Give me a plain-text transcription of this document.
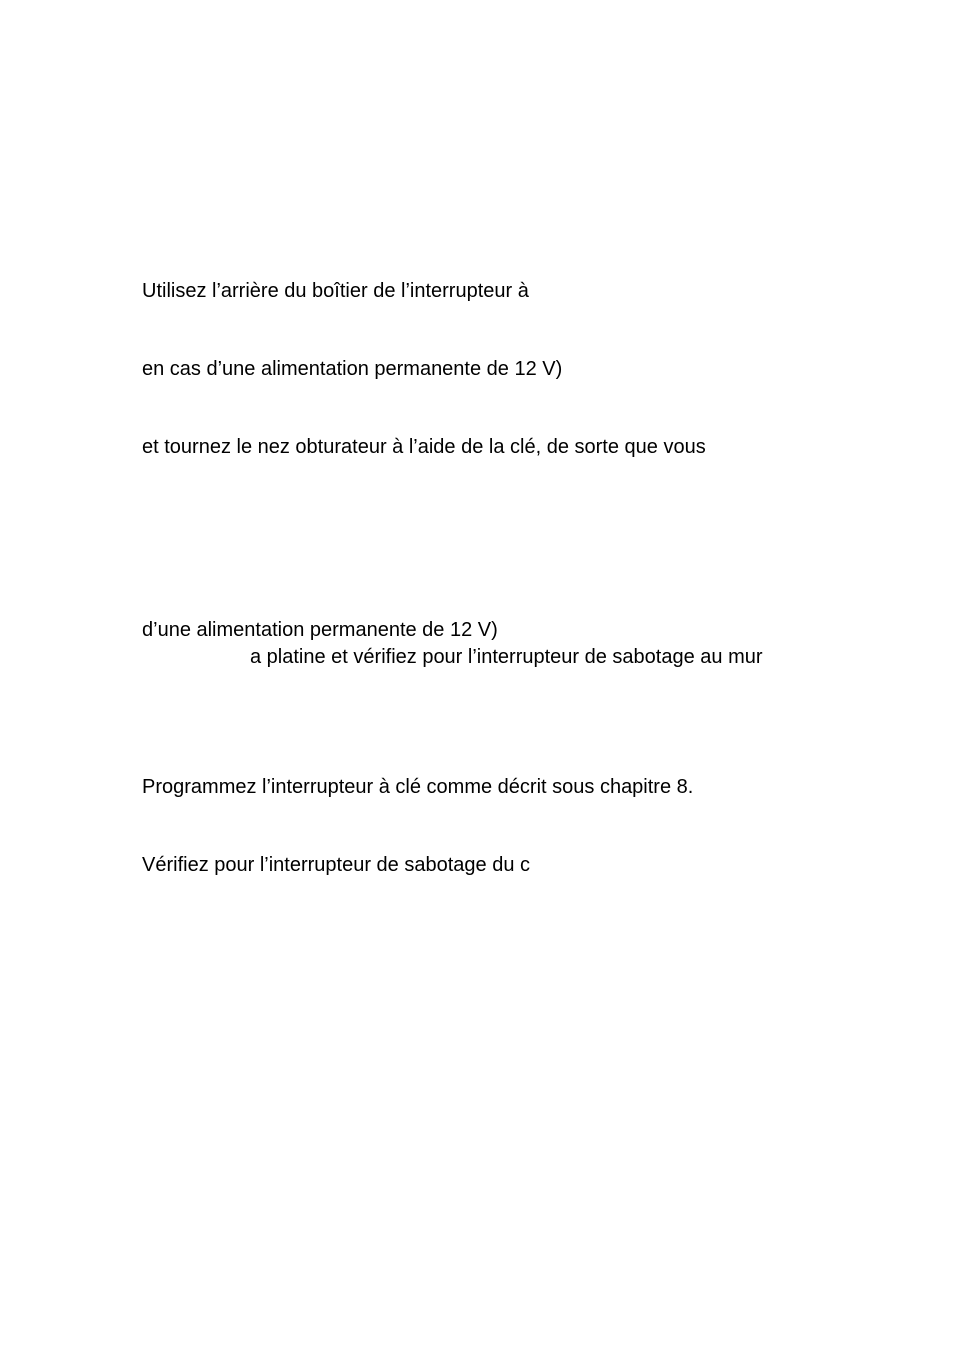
Utilisez l’arrière du boîtier de l’interrupteur à

en cas d’une alimentation permanente de 12 V)

et tournez le nez obturateur à l’aide de la clé, de sorte que vous

d’une alimentation permanente de 12 V)

a platine et vérifiez pour l’interrupteur de sabotage au mur

Programmez l’interrupteur à clé comme décrit sous chapitre 8.

Vérifiez pour l’interrupteur de sabotage du c
